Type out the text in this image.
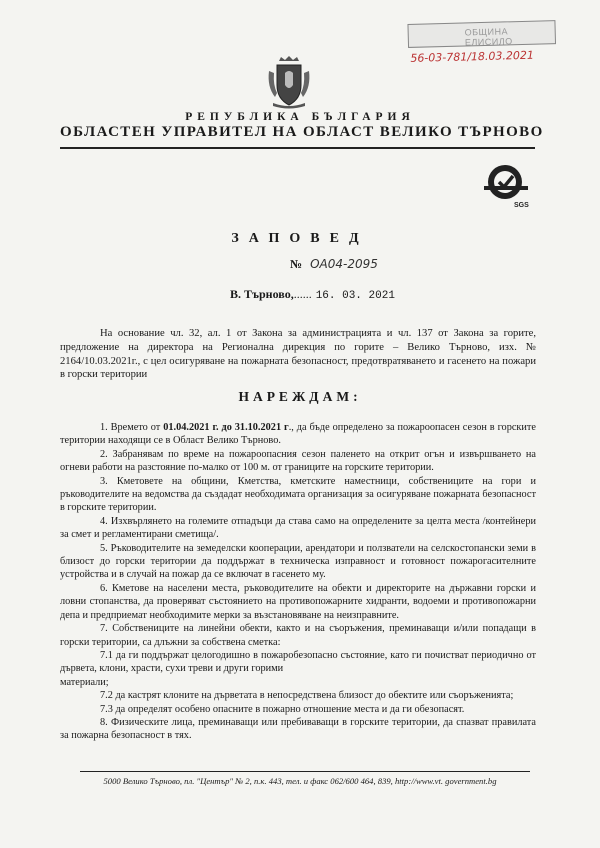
ОБЩИНА ЕЛИСИЛО
56-03-781/18.03.2021
РЕПУБЛИКА БЪЛГАРИЯ
ОБЛАСТЕН УПРАВИТЕЛ НА ОБЛАСТ ВЕЛИКО ТЪРНОВО
SGS
ЗАПОВЕД
№ ОА04-2095
В. Търново,....... 16. 03. 2021
На основание чл. 32, ал. 1 от Закона за администрацията и чл. 137 от Закона за горите, предложение на директора на Регионална дирекция по горите – Велико Търново, изх. № 2164/10.03.2021г., с цел осигуряване на пожарната безопасност, предотвратяването и гасенето на пожари в горски територии
НАРЕЖДАМ:

1. Времето от 01.04.2021 г. до 31.10.2021 г., да бъде определено за пожароопасен сезон в горските територии находящи се в Област Велико Търново.

2. Забранявам по време на пожароопасния сезон паленето на открит огън и извършването на огневи работи на разстояние по-малко от 100 м. от границите на горските територии.

3. Кметовете на общини, Кметства, кметските наместници, собствениците на гори и ръководителите на ведомства да създадат необходимата организация за осигуряване пожарната безопасност в горските територии.

4. Изхвърлянето на големите отпадъци да става само на определените за целта места /контейнери за смет и регламентирани сметища/.

5. Ръководителите на земеделски кооперации, арендатори и ползватели на селскостопански земи в близост до горски територии да поддържат в техническа изправност и готовност пожарогасителните устройства и в случай на пожар да се включат в гасенето му.

6. Кметове на населени места, ръководителите на обекти и директорите на държавни горски и ловни стопанства, да проверяват състоянието на противопожарните хидранти, водоеми и противопожарни депа и предприемат необходимите мерки за възстановяване на неизправните.

7. Собствениците на линейни обекти, както и на съоръжения, преминаващи и/или попадащи в горски територии, са длъжни за собствена сметка:

7.1 да ги поддържат целогодишно в пожаробезопасно състояние, като ги почистват периодично от дървета, клони, храсти, сухи треви и други горими

материали;

7.2 да кастрят клоните на дърветата в непосредствена близост до обектите или съоръженията;

7.3 да определят особено опасните в пожарно отношение места и да ги обезопасят.

8. Физическите лица, преминаващи или пребиваващи в горските територии, да спазват правилата за пожарна безопасност в тях.

5000 Велико Търново, пл. "Център" № 2, п.к. 443, тел. и факс 062/600 464, 839, http://www.vt. government.bg
